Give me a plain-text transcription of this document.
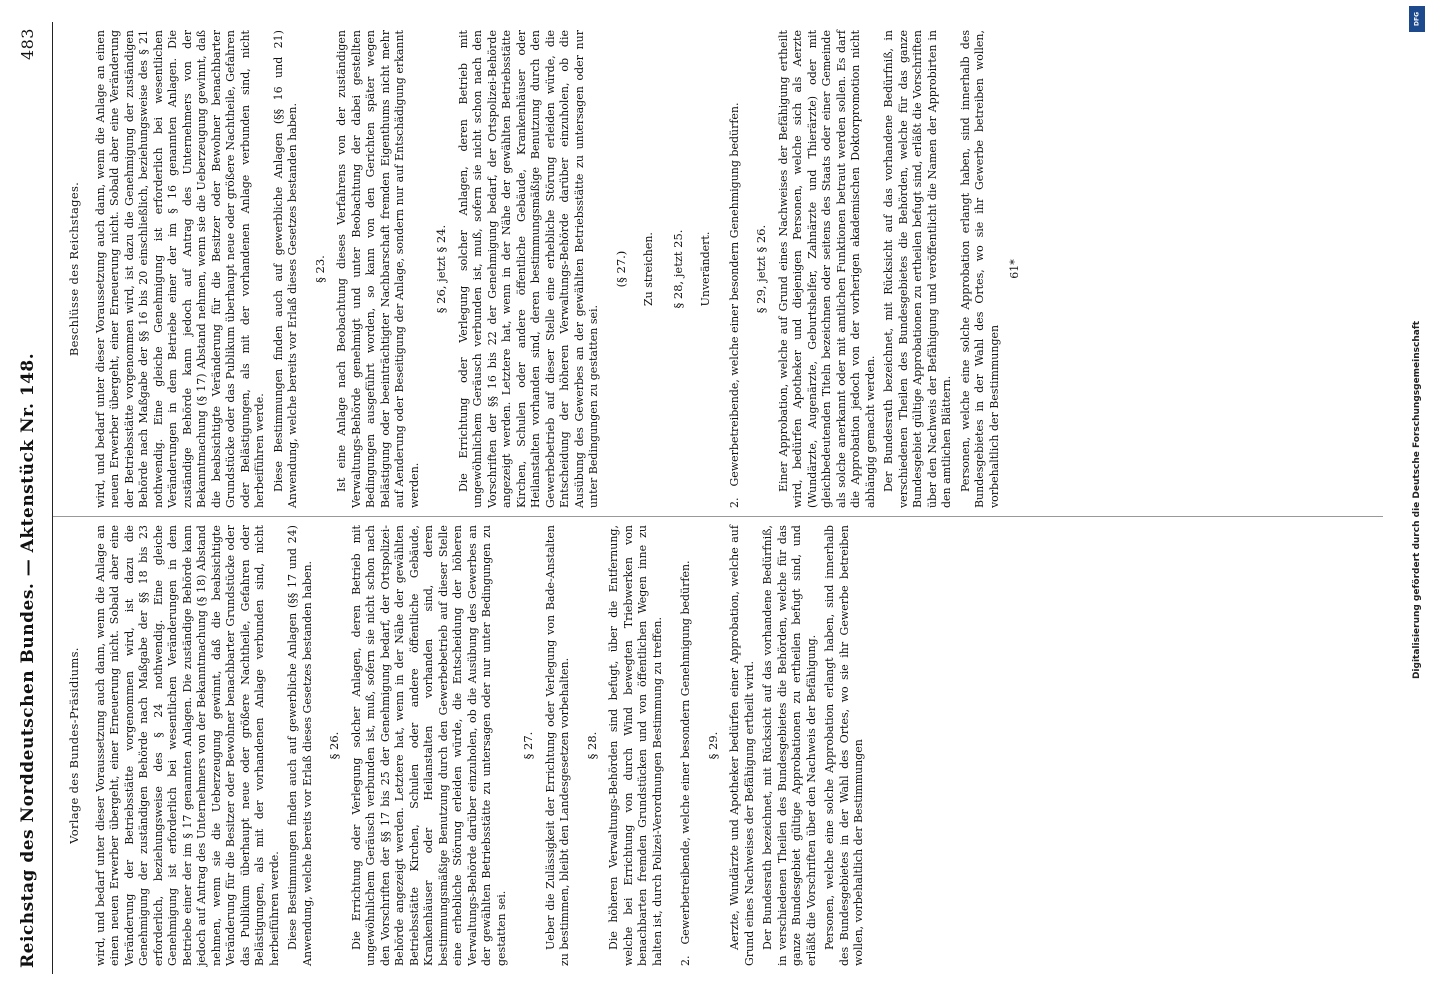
Reichstag des Norddeutschen Bundes. — Aktenstück Nr. 148.
483
Vorlage des Bundes-Präsidiums. wird, und bedarf unter dieser Voraussetzung auch dann, wenn die Anlage an einen neuen Erwerber übergeht, einer Erneuerung nicht. Sobald aber eine Veränderung der Betriebsstätte vorgenommen wird, ist dazu die Genehmigung der zuständigen Behörde nach Maßgabe der §§ 18 bis 23 erforderlich, beziehungsweise des § 24 nothwendig. Eine gleiche Genehmigung ist erforderlich bei wesentlichen Veränderungen in dem Betriebe einer der im § 17 genannten Anlagen. Die zuständige Behörde kann jedoch auf Antrag des Unternehmers von der Bekanntmachung (§ 18) Abstand nehmen, wenn sie die Ueberzeugung gewinnt, daß die beabsichtigte Veränderung für die Besitzer oder Bewohner benachbarter Grundstücke oder das Publikum überhaupt neue oder größere Nachtheile, Gefahren oder Belästigungen, als mit der vorhandenen Anlage verbunden sind, nicht herbeiführen werde. Diese Bestimmungen finden auch auf gewerbliche Anlagen (§§ 17 und 24) Anwendung, welche bereits vor Erlaß dieses Gesetzes bestanden haben. § 26. Die Errichtung oder Verlegung solcher Anlagen, deren Betrieb mit ungewöhnlichem Geräusch verbunden ist, muß, sofern sie nicht schon nach den Vorschriften der §§ 17 bis 25 der Genehmigung bedarf, der Ortspolizei-Behörde angezeigt werden. Letztere hat, wenn in der Nähe der gewählten Betriebsstätte Kirchen, Schulen oder andere öffentliche Gebäude, Krankenhäuser oder Heilanstalten vorhanden sind, deren bestimmungsmäßige Benutzung durch den Gewerbebetrieb auf dieser Stelle eine erhebliche Störung erleiden würde, die Entscheidung der höheren Verwaltungs-Behörde darüber einzuholen, ob die Ausübung des Gewerbes an der gewählten Betriebsstätte zu untersagen oder nur unter Bedingungen zu gestatten sei.

§ 27. Ueber die Zulässigkeit der Errichtung oder Verlegung von Bade-Anstalten zu bestimmen, bleibt den Landesgesetzen vorbehalten. § 28. Die höheren Verwaltungs-Behörden sind befugt, über die Entfernung, welche bei Errichtung von durch Wind bewegten Triebwerken von benachbarten fremden Grundstücken und von öffentlichen Wegen inne zu halten ist, durch Polizei-Verordnungen Bestimmung zu treffen. 2. Gewerbetreibende, welche einer besondern Genehmigung bedürfen. § 29. Aerzte, Wundärzte und Apotheker bedürfen einer Approbation, welche auf Grund eines Nachweises der Befähigung ertheilt wird. Der Bundesrath bezeichnet, mit Rücksicht auf das vorhandene Bedürfniß, in verschiedenen Theilen des Bundesgebietes die Behörden, welche für das ganze Bundesgebiet gültige Approbationen zu ertheilen befugt sind, und erläßt die Vorschriften über den Nachweis der Befähigung. Personen, welche eine solche Approbation erlangt haben, sind innerhalb des Bundesgebietes in der Wahl des Ortes, wo sie ihr Gewerbe betreiben wollen, vorbehaltlich der Bestimmungen

Beschlüsse des Reichstages. wird, und bedarf unter dieser Voraussetzung auch dann, wenn die Anlage an einen neuen Erwerber übergeht, einer Erneuerung nicht. Sobald aber eine Veränderung der Betriebsstätte vorgenommen wird, ist dazu die Genehmigung der zuständigen Behörde nach Maßgabe der §§ 16 bis 20 einschließlich, beziehungsweise des § 21 nothwendig. Eine gleiche Genehmigung ist erforderlich bei wesentlichen Veränderungen in dem Betriebe einer der im § 16 genannten Anlagen. Die zuständige Behörde kann jedoch auf Antrag des Unternehmers von der Bekanntmachung (§ 17) Abstand nehmen, wenn sie die Ueberzeugung gewinnt, daß die beabsichtigte Veränderung für die Besitzer oder Bewohner benachbarter Grundstücke oder das Publikum überhaupt neue oder größere Nachtheile, Gefahren oder Belästigungen, als mit der vorhandenen Anlage verbunden sind, nicht herbeiführen werde. Diese Bestimmungen finden auch auf gewerbliche Anlagen (§§ 16 und 21) Anwendung, welche bereits vor Erlaß dieses Gesetzes bestanden haben. § 23. Ist eine Anlage nach Beobachtung dieses Verfahrens von der zuständigen Verwaltungs-Behörde genehmigt und unter Beobachtung der dabei gestellten Bedingungen ausgeführt worden, so kann von den Gerichten später wegen Belästigung oder beeinträchtigter Nachbarschaft fremden Eigenthums nicht mehr auf Aenderung oder Beseitigung der Anlage, sondern nur auf Entschädigung erkannt werden.

§ 26, jetzt § 24. Die Errichtung oder Verlegung solcher Anlagen, deren Betrieb mit ungewöhnlichem Geräusch verbunden ist, muß, sofern sie nicht schon nach den Vorschriften der §§ 16 bis 22 der Genehmigung bedarf, der Ortspolizei-Behörde angezeigt werden. Letztere hat, wenn in der Nähe der gewählten Betriebsstätte Kirchen, Schulen oder andere öffentliche Gebäude, Krankenhäuser oder Heilanstalten vorhanden sind, deren bestimmungsmäßige Benutzung durch den Gewerbebetrieb auf dieser Stelle eine erhebliche Störung erleiden würde, die Entscheidung der höheren Verwaltungs-Behörde darüber einzuholen, ob die Ausübung des Gewerbes an der gewählten Betriebsstätte zu untersagen oder nur unter Bedingungen zu gestatten sei.

(§ 27.) Zu streichen. § 28, jetzt 25. Unverändert.
2. Gewerbetreibende, welche einer besondern Genehmigung bedürfen. § 29, jetzt § 26. Einer Approbation, welche auf Grund eines Nachweises der Befähigung ertheilt wird, bedürfen Apotheker und diejenigen Personen, welche sich als Aerzte (Wundärzte, Augenärzte, Geburtshelfer, Zahnärzte und Thierärzte) oder mit gleichbedeutenden Titeln bezeichnen oder seitens des Staats oder einer Gemeinde als solche anerkannt oder mit amtlichen Funktionen betraut werden sollen. Es darf die Approbation jedoch von der vorherigen akademischen Doktorpromotion nicht abhängig gemacht werden. Der Bundesrath bezeichnet, mit Rücksicht auf das vorhandene Bedürfniß, in verschiedenen Theilen des Bundesgebietes die Behörden, welche für das ganze Bundesgebiet gültige Approbationen zu ertheilen befugt sind, erläßt die Vorschriften über den Nachweis der Befähigung und veröffentlicht die Namen der Approbirten in den amtlichen Blättern. Personen, welche eine solche Approbation erlangt haben, sind innerhalb des Bundesgebietes in der Wahl des Ortes, wo sie ihr Gewerbe betreiben wollen, vorbehaltlich der Bestimmungen

61*
DFG
Digitalisierung gefördert durch die Deutsche Forschungsgemeinschaft
